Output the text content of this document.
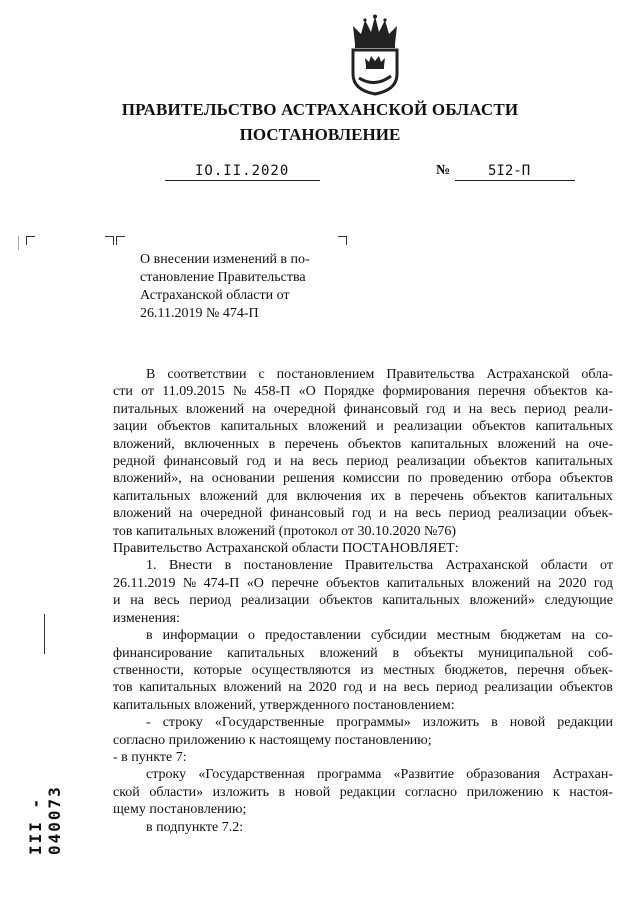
ПРАВИТЕЛЬСТВО АСТРАХАНСКОЙ ОБЛАСТИ
ПОСТАНОВЛЕНИЕ
IO.II.2020	№	5I2-П
О внесении изменений в по-
становление Правительства
Астраханской области от
26.11.2019 № 474-П
В соответствии с постановлением Правительства Астраханской обла-
сти от 11.09.2015 № 458-П «О Порядке формирования перечня объектов ка-
питальных вложений на очередной финансовый год и на весь период реали-
зации объектов капитальных вложений и реализации объектов капитальных
вложений, включенных в перечень объектов капитальных вложений на оче-
редной финансовый год и на весь период реализации объектов капитальных
вложений», на основании решения комиссии по проведению отбора объектов
капитальных вложений для включения их в перечень объектов капитальных
вложений на очередной финансовый год и на весь период реализации объек-
тов капитальных вложений (протокол от 30.10.2020 №76)
Правительство Астраханской области ПОСТАНОВЛЯЕТ:
1. Внести в постановление Правительства Астраханской области от
26.11.2019 № 474-П «О перечне объектов капитальных вложений на 2020 год
и на весь период реализации объектов капитальных вложений» следующие
изменения:
в информации о предоставлении субсидии местным бюджетам на со-
финансирование капитальных вложений в объекты муниципальной соб-
ственности, которые осуществляются из местных бюджетов, перечня объек-
тов капитальных вложений на 2020 год и на весь период реализации объектов
капитальных вложений, утвержденного постановлением:
- строку «Государственные программы» изложить в новой редакции
согласно приложению к настоящему постановлению;
- в пункте 7:
строку «Государственная программа «Развитие образования Астрахан-
ской области» изложить в новой редакции согласно приложению к настоя-
щему постановлению;
в подпункте 7.2:
III - 040073
